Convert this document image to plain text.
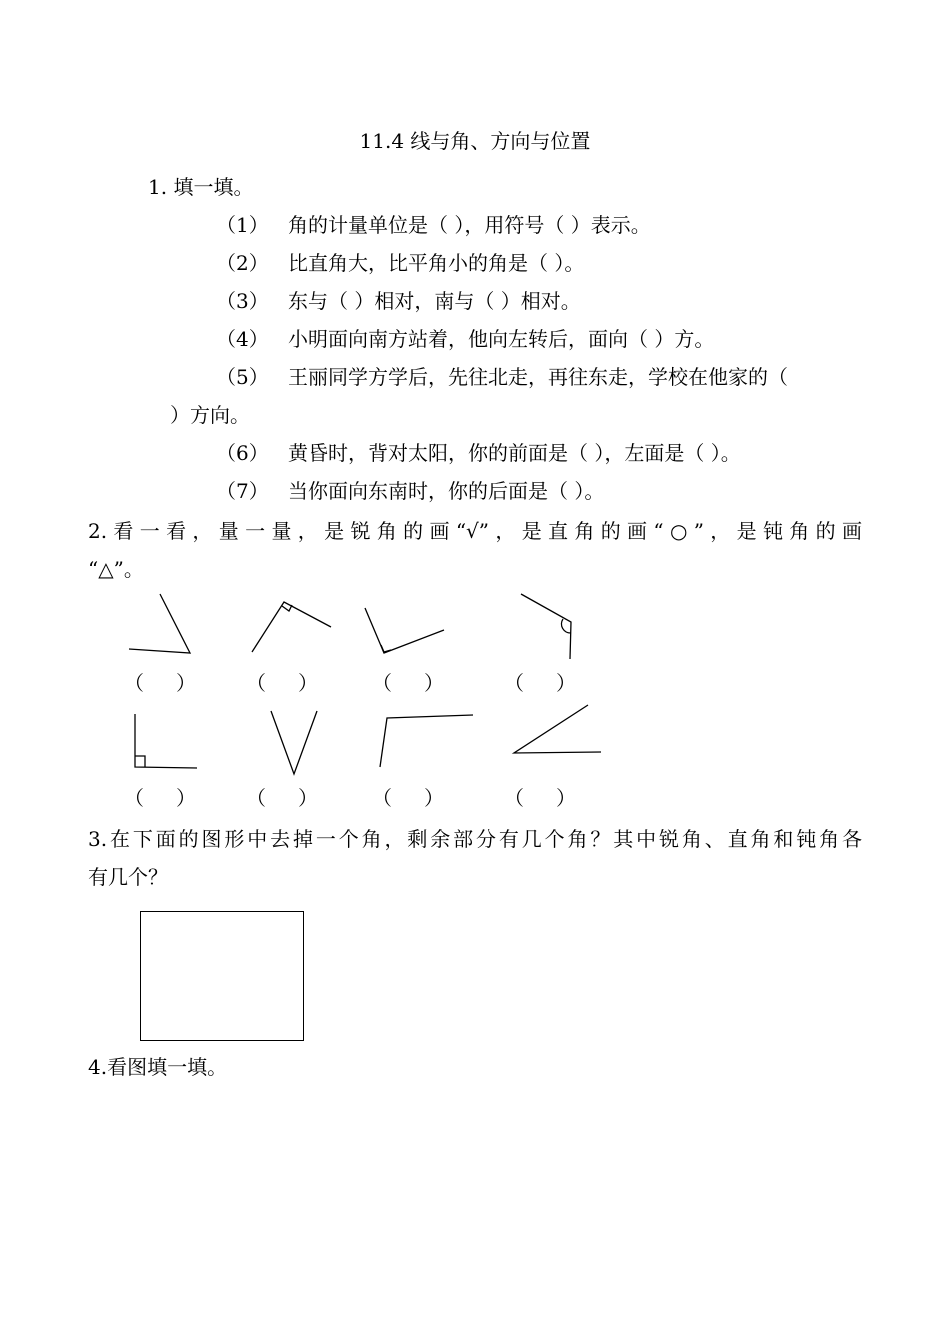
11.4 线与角、方向与位置
1. 填一填。
（1） 角的计量单位是（ ），用符号（ ）表示。
（2） 比直角大，比平角小的角是（ ）。
（3） 东与（ ）相对，南与（ ）相对。
（4） 小明面向南方站着，他向左转后，面向（ ）方。
（5） 王丽同学方学后，先往北走，再往东走，学校在他家的（
）方向。
（6） 黄昏时，背对太阳，你的前面是（ ），左面是（ ）。
（7） 当你面向东南时，你的后面是（ ）。
2.看一看，量一量，是锐角的画“√”，是直角的画“○”，是钝角的画
“△”。
（ ）	（ ）	（ ）	（ ）
（ ）	（ ）	（ ）	（ ）
3.在下面的图形中去掉一个角，剩余部分有几个角？其中锐角、直角和钝角各
有几个？
4.看图填一填。
